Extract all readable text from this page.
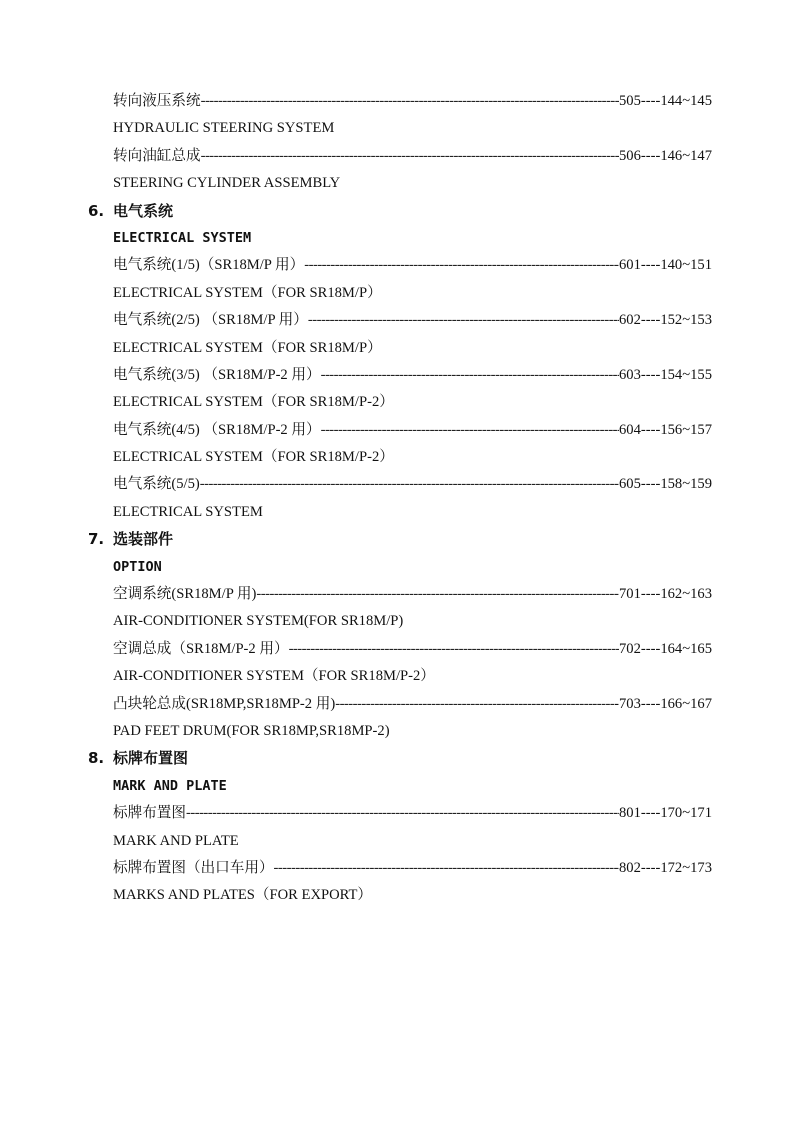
转向液压系统 -----	505----144~145
HYDRAULIC STEERING SYSTEM
转向油缸总成 -----	506----146~147
STEERING CYLINDER ASSEMBLY
6. 电气系统
ELECTRICAL SYSTEM
电气系统(1/5)（SR18M/P 用） -----	601----140~151
ELECTRICAL SYSTEM（FOR SR18M/P）
电气系统(2/5) （SR18M/P 用） -----	602----152~153
ELECTRICAL SYSTEM（FOR SR18M/P）
电气系统(3/5) （SR18M/P-2 用） -----	603----154~155
ELECTRICAL SYSTEM（FOR SR18M/P-2）
电气系统(4/5) （SR18M/P-2 用） -----	604----156~157
ELECTRICAL SYSTEM（FOR SR18M/P-2）
电气系统(5/5) -----	605----158~159
ELECTRICAL SYSTEM
7. 选装部件
OPTION
空调系统(SR18M/P 用) -----	701----162~163
AIR-CONDITIONER SYSTEM(FOR SR18M/P)
空调总成（SR18M/P-2 用） -----	702----164~165
AIR-CONDITIONER SYSTEM（FOR SR18M/P-2）
凸块轮总成(SR18MP,SR18MP-2 用) -----	-703----166~167
PAD FEET DRUM(FOR SR18MP,SR18MP-2)
8. 标牌布置图
MARK AND PLATE
标牌布置图 -----	801----170~171
MARK AND PLATE
标牌布置图（出口车用） -----	802----172~173
MARKS AND PLATES（FOR EXPORT）
